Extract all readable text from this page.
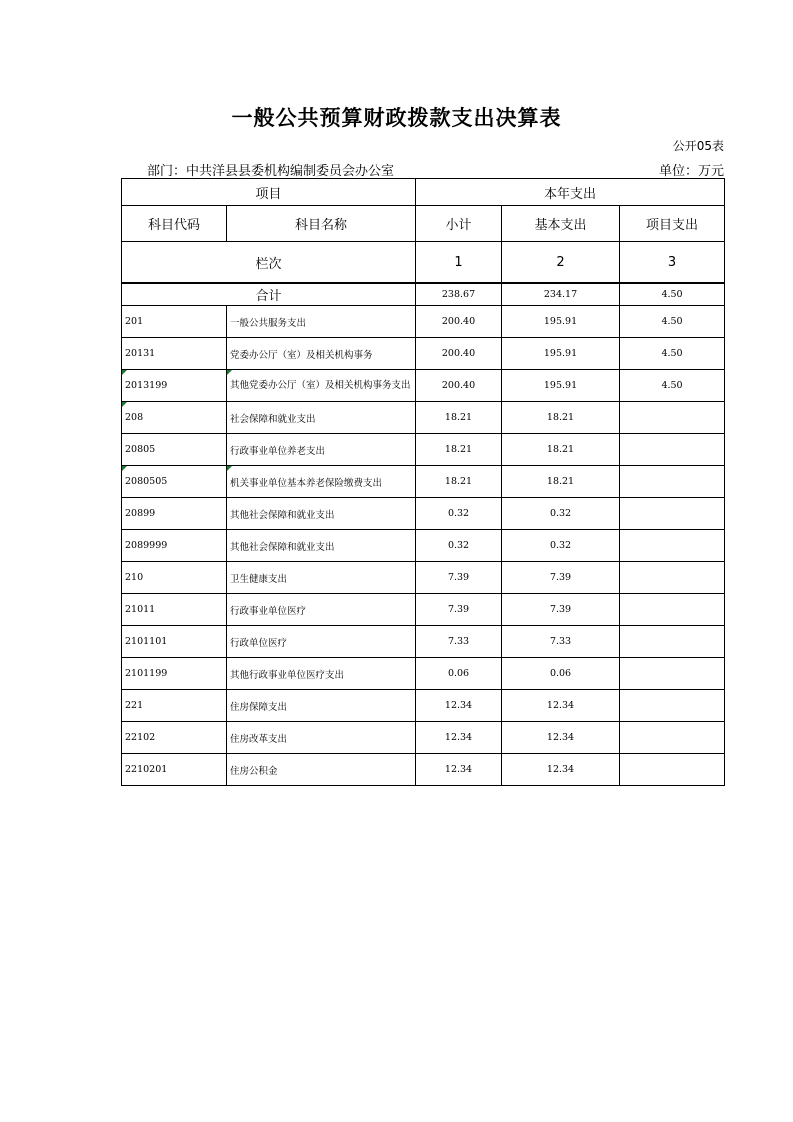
一般公共预算财政拨款支出决算表
公开05表
部门：中共洋县县委机构编制委员会办公室	单位：万元
项目		本年支出		
科目代码	科目名称	小计	基本支出	项目支出
栏次		1	2	3
合计		238.67	234.17	4.50
201	一般公共服务支出	200.40	195.91	4.50
20131	党委办公厅（室）及相关机构事务	200.40	195.91	4.50
2013199	其他党委办公厅（室）及相关机构事务支出	200.40	195.91	4.50
208	社会保障和就业支出	18.21	18.21	
20805	行政事业单位养老支出	18.21	18.21	
2080505	机关事业单位基本养老保险缴费支出	18.21	18.21	
20899	其他社会保障和就业支出	0.32	0.32	
2089999	其他社会保障和就业支出	0.32	0.32	
210	卫生健康支出	7.39	7.39	
21011	行政事业单位医疗	7.39	7.39	
2101101	行政单位医疗	7.33	7.33	
2101199	其他行政事业单位医疗支出	0.06	0.06	
221	住房保障支出	12.34	12.34	
22102	住房改革支出	12.34	12.34	
2210201	住房公积金	12.34	12.34	
